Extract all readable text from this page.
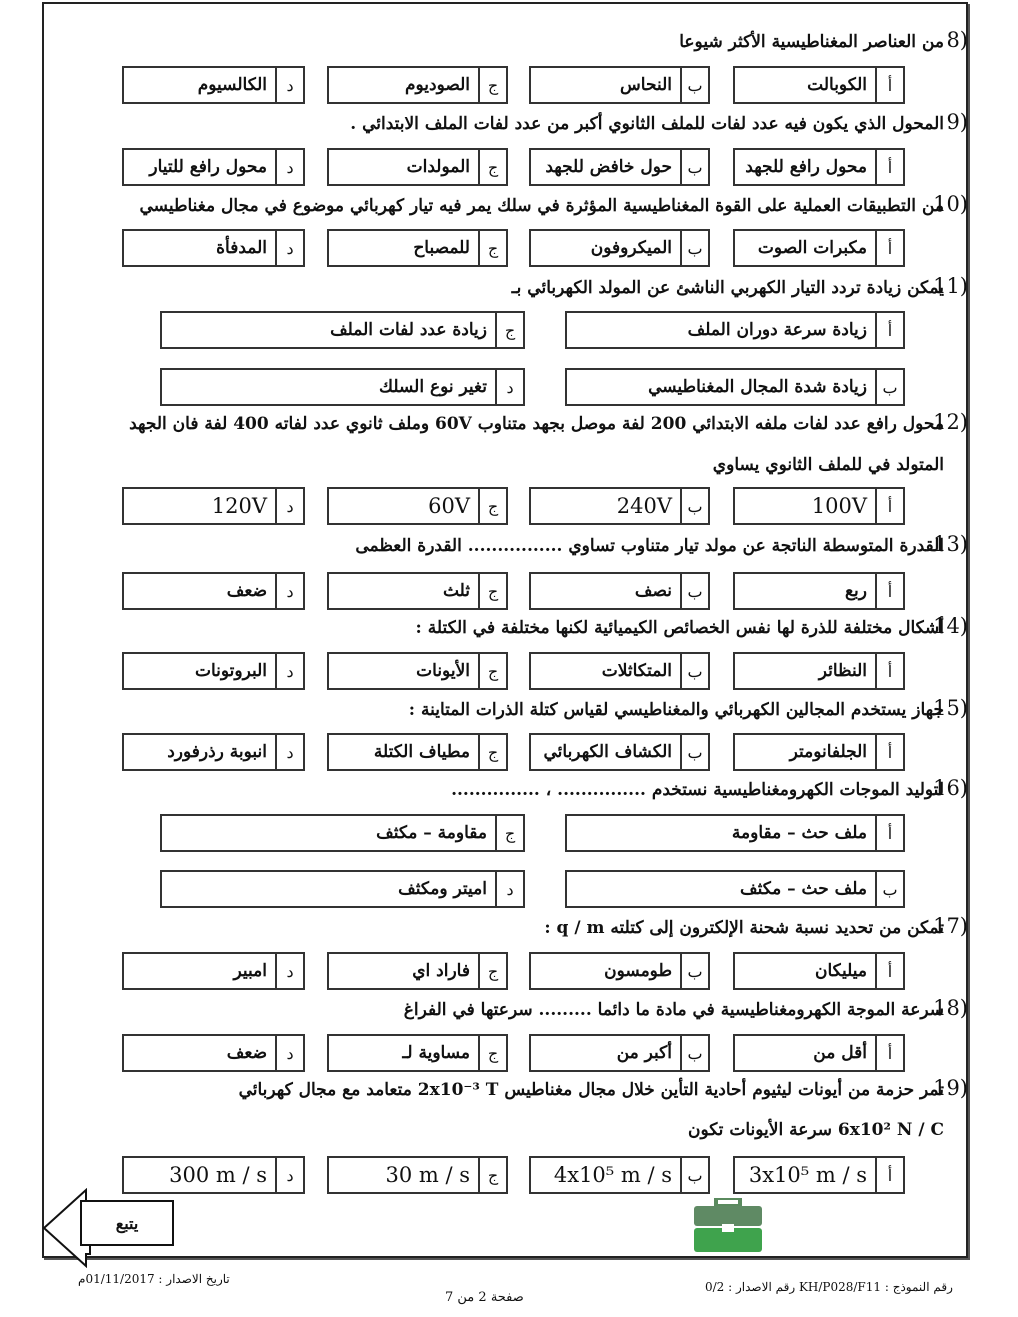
8)
من العناصر المغناطيسية الأكثر شيوعا
أ
الكوبالت
ب
النحاس
ج
الصوديوم
د
الكالسيوم
9)
المحول الذي يكون فيه عدد لفات للملف الثانوي أكبر من عدد لفات الملف الابتدائي .
أ
محول رافع للجهد
ب
حول خافض للجهد
ج
المولدات
د
محول رافع للتيار
10)
من التطبيقات العملية على القوة المغناطيسية المؤثرة في سلك يمر فيه تيار كهربائي موضوع في مجال مغناطيسي
أ
مكبرات الصوت
ب
الميكروفون
ج
للمصباح
د
المدفأة
11)
يمكن زيادة تردد التيار الكهربي الناشئ عن المولد الكهربائي بـ
أ
زيادة سرعة دوران الملف
ج
زيادة عدد لفات الملف
ب
زيادة شدة المجال المغناطيسي
د
تغير نوع السلك
12)
محول رافع عدد لفات ملفه الابتدائي 200 لفة موصل بجهد متناوب 60V وملف ثانوي عدد لفاته 400 لفة فان الجهد
المتولد في للملف الثانوي يساوي
أ
100V
ب
240V
ج
60V
د
120V
13)
القدرة المتوسطة الناتجة عن مولد تيار متناوب تساوي ................ القدرة العظمى
أ
ربع
ب
نصف
ج
ثلث
د
ضعف
14)
أشكال مختلفة للذرة لها نفس الخصائص الكيميائية لكنها مختلفة في الكتلة :
أ
النظائر
ب
المتكاثلات
ج
الأيونات
د
البروتونات
15)
جهاز يستخدم المجالين الكهربائي والمغناطيسي لقياس كتلة الذرات المتاينة :
أ
الجلفانومتر
ب
الكشاف الكهربائي
ج
مطياف الكتلة
د
انبوبة رذرفورد
16)
لتوليد الموجات الكهرومغناطيسية نستخدم ............... ، ...............
أ
ملف حث – مقاومة
ج
مقاومة – مكثف
ب
ملف حث – مكثف
د
اميتر ومكثف
17)
تمكن من تحديد نسبة شحنة الإلكترون إلى كتلته q / m :
أ
ميليكان
ب
طومسون
ج
فاراد اي
د
امبير
18)
سرعة الموجة الكهرومغناطيسية في مادة ما دائما ......... سرعتها في الفراغ
أ
أقل من
ب
أكبر من
ج
مساوية لـ
د
ضعف
19)
تمر حزمة من أيونات ليثيوم أحادية التأين خلال مجال مغناطيس 2x10⁻³ T متعامد مع مجال كهربائي
6x10² N / C سرعة الأيونات تكون
أ
3x10⁵ m / s
ب
4x10⁵ m / s
ج
30 m / s
د
300 m / s
يتبع
تاريخ الاصدار : 01/11/2017م
رقم النموذج : KH/P028/F11 رقم الاصدار : 0/2
صفحة 2 من 7
